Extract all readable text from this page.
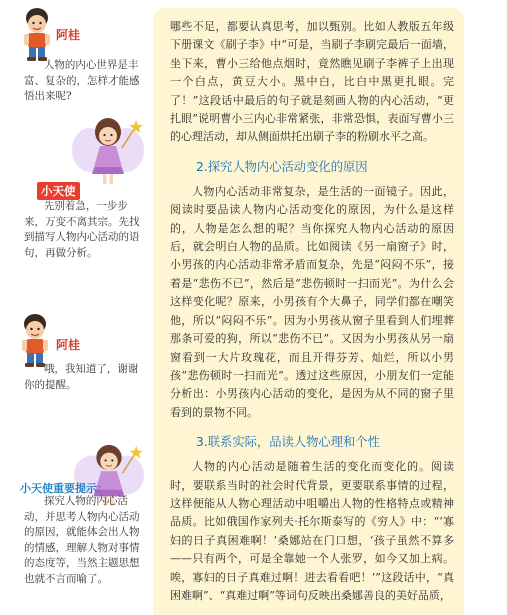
阿桂

人物的内心世界是丰富、复杂的，怎样才能感悟出来呢?

小天使

先别着急，一步步来，万变不离其宗。先找到描写人物内心活动的语句，再做分析。

阿桂

哦，我知道了，谢谢你的提醒。

小天使重要提示：

探究人物的内心活动，并思考人物内心活动的原因，就能体会出人物的情感，理解人物对事情的态度等，当然主题思想也就不言而喻了。

哪些不足，都要认真思考，加以甄别。比如人教版五年级下册课文《刷子李》中“可是，当刷子李刷完最后一面墙，坐下来，曹小三给他点烟时，竟然瞧见刷子李裤子上出现一个白点，黄豆大小。黑中白，比白中黑更扎眼。完了！”这段话中最后的句子就是刻画人物的内心活动，“更扎眼”说明曹小三内心非常紧张，非常恐惧，表面写曹小三的心理活动，却从侧面烘托出刷子李的粉刷水平之高。

2.探究人物内心活动变化的原因

人物内心活动非常复杂，是生活的一面镜子。因此，阅读时要品读人物内心活动变化的原因，为什么是这样的，人物是怎么想的呢？当你探究人物内心活动的原因后，就会明白人物的品质。比如阅读《另一扇窗子》时，小男孩的内心活动非常矛盾而复杂，先是“闷闷不乐”，接着是“悲伤不已”，然后是“悲伤顿时一扫而光”。为什么会这样变化呢？原来，小男孩有个大鼻子，同学们都在嘲笑他，所以“闷闷不乐”。因为小男孩从窗子里看到人们埋葬那条可爱的狗，所以“悲伤不已”。又因为小男孩从另一扇窗看到一大片玫瑰花，而且开得芬芳、灿烂，所以小男孩“悲伤顿时一扫而光”。透过这些原因，小朋友们一定能分析出：小男孩内心活动的变化，是因为从不同的窗子里看到的景物不同。

3.联系实际，品读人物心理和个性

人物的内心活动是随着生活的变化而变化的。阅读时，要联系当时的社会时代背景，更要联系事情的过程，这样便能从人物心理活动中咀嚼出人物的性格特点或精神品质。比如俄国作家列夫·托尔斯泰写的《穷人》中：“‘寡妇的日子真困难啊！’桑娜站在门口想，‘孩子虽然不算多——只有两个，可是全靠她一个人张罗，如今又加上病。唉，寡妇的日子真难过啊！进去看看吧！’”这段话中，“真困难啊”、“真难过啊”等词句反映出桑娜善良的美好品质，
